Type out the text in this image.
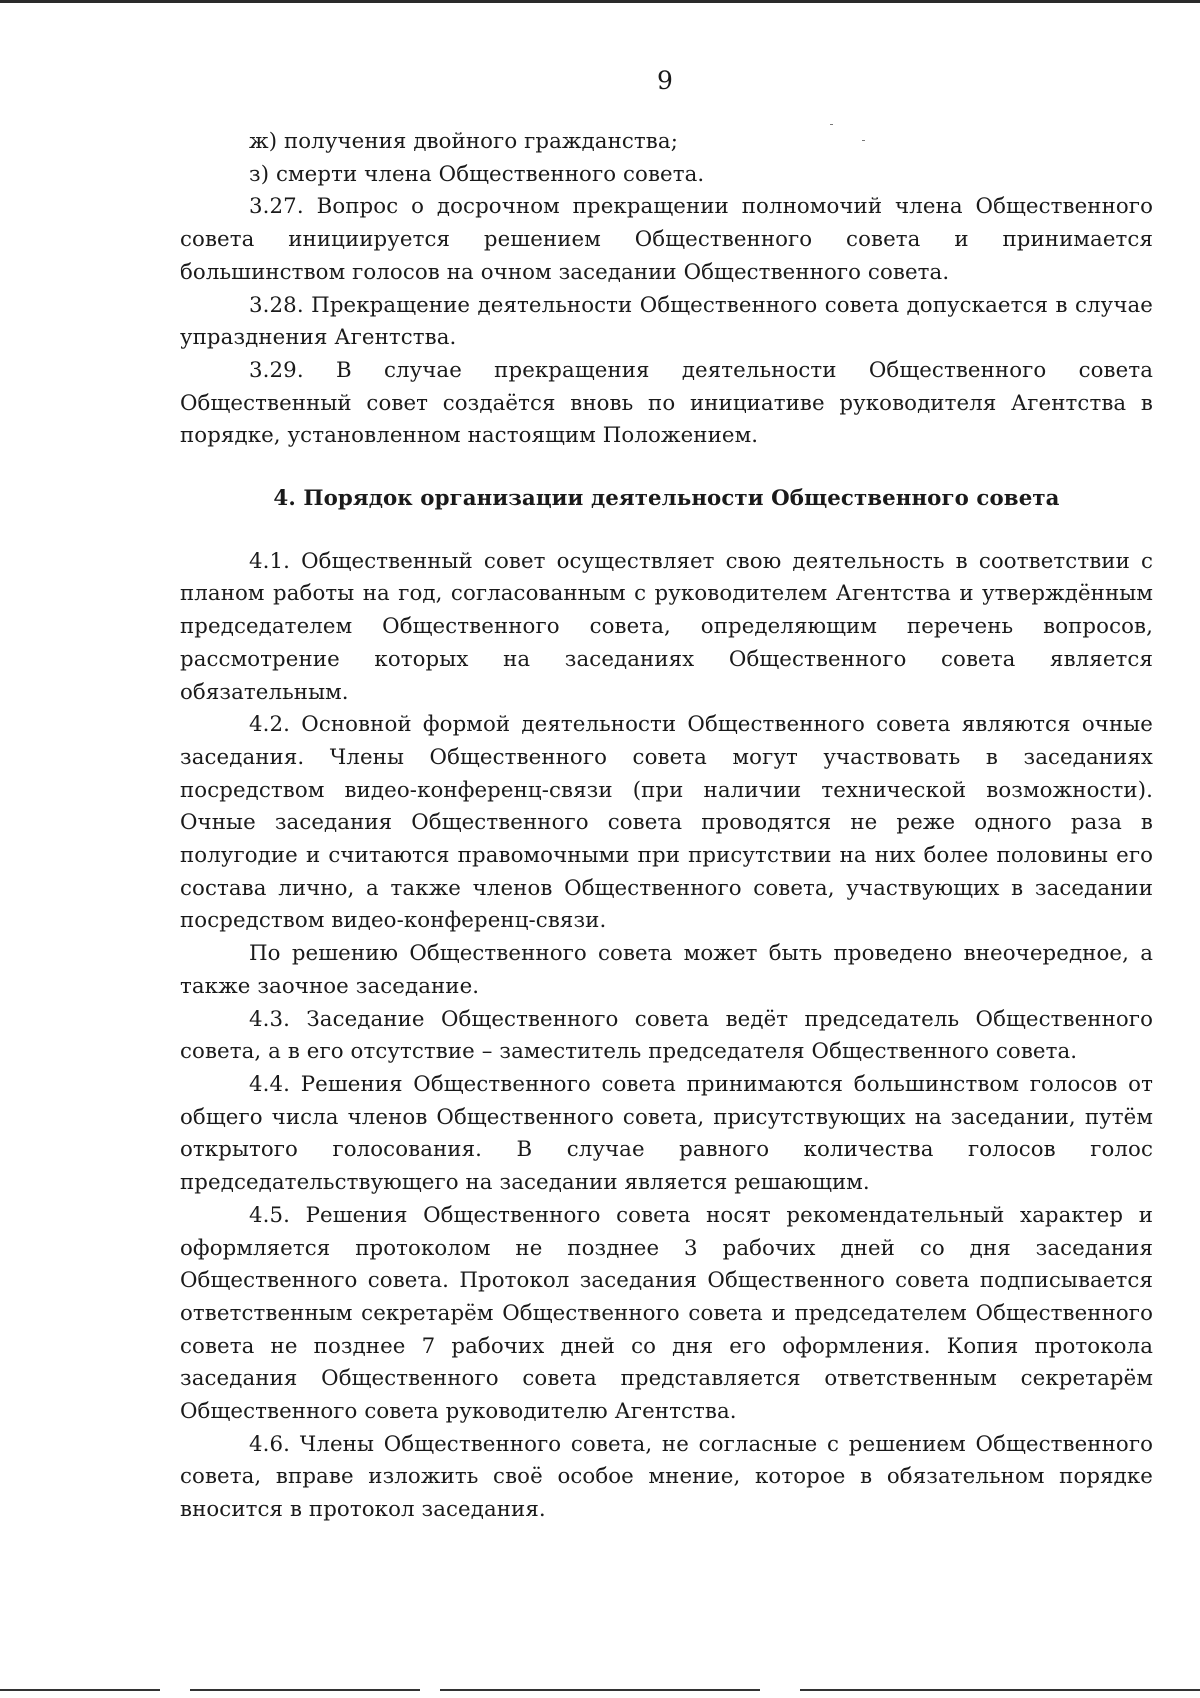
9

ж) получения двойного гражданства;

з) смерти члена Общественного совета.

3.27. Вопрос о досрочном прекращении полномочий члена Общественного совета инициируется решением Общественного совета и принимается большинством голосов на очном заседании Общественного совета.

3.28. Прекращение деятельности Общественного совета допускается в случае упразднения Агентства.

3.29. В случае прекращения деятельности Общественного совета Общественный совет создаётся вновь по инициативе руководителя Агентства в порядке, установленном настоящим Положением.

4. Порядок организации деятельности Общественного совета

4.1. Общественный совет осуществляет свою деятельность в соответствии с планом работы на год, согласованным с руководителем Агентства и утверждённым председателем Общественного совета, определяющим перечень вопросов, рассмотрение которых на заседаниях Общественного совета является обязательным.

4.2. Основной формой деятельности Общественного совета являются очные заседания. Члены Общественного совета могут участвовать в заседаниях посредством видео-конференц-связи (при наличии технической возможности). Очные заседания Общественного совета проводятся не реже одного раза в полугодие и считаются правомочными при присутствии на них более половины его состава лично, а также членов Общественного совета, участвующих в заседании посредством видео-конференц-связи.

По решению Общественного совета может быть проведено внеочередное, а также заочное заседание.

4.3. Заседание Общественного совета ведёт председатель Общественного совета, а в его отсутствие – заместитель председателя Общественного совета.

4.4. Решения Общественного совета принимаются большинством голосов от общего числа членов Общественного совета, присутствующих на заседании, путём открытого голосования. В случае равного количества голосов голос председательствующего на заседании является решающим.

4.5. Решения Общественного совета носят рекомендательный характер и оформляется протоколом не позднее 3 рабочих дней со дня заседания Общественного совета. Протокол заседания Общественного совета подписывается ответственным секретарём Общественного совета и председателем Общественного совета не позднее 7 рабочих дней со дня его оформления. Копия протокола заседания Общественного совета представляется ответственным секретарём Общественного совета руководителю Агентства.

4.6. Члены Общественного совета, не согласные с решением Общественного совета, вправе изложить своё особое мнение, которое в обязательном порядке вносится в протокол заседания.
